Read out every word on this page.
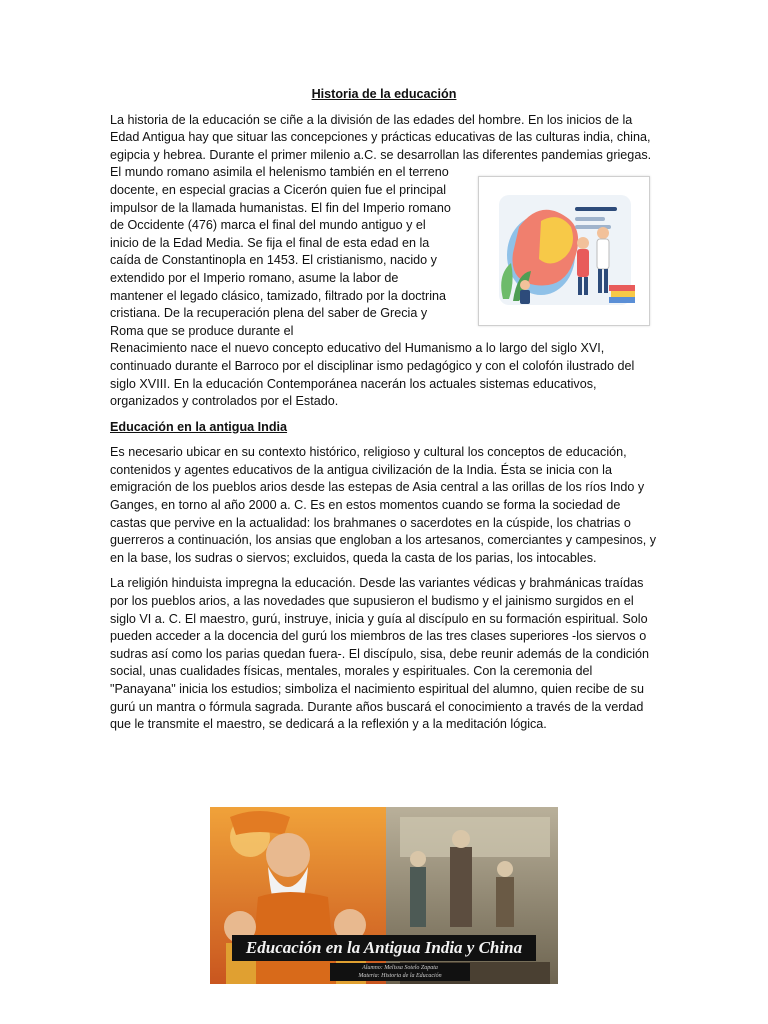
Historia de la educación

La historia de la educación se ciñe a la división de las edades del hombre. En los inicios de la Edad Antigua hay que situar las concepciones y prácticas educativas de las culturas india, china, egipcia y hebrea. Durante el primer milenio a.C. se desarrollan las diferentes pandemias griegas.

El mundo romano asimila el helenismo también en el terreno docente, en especial gracias a Cicerón quien fue el principal impulsor de la llamada humanistas. El fin del Imperio romano de Occidente (476) marca el final del mundo antiguo y el inicio de la Edad Media. Se fija el final de esta edad en la caída de Constantinopla en 1453. El cristianismo, nacido y extendido por el Imperio romano, asume la labor de mantener el legado clásico, tamizado, filtrado por la doctrina cristiana. De la recuperación plena del saber de Grecia y Roma que se produce durante el

Renacimiento nace el nuevo concepto educativo del Humanismo a lo largo del siglo XVI, continuado durante el Barroco por el disciplinar ismo pedagógico y con el colofón ilustrado del siglo XVIII. En la educación Contemporánea nacerán los actuales sistemas educativos, organizados y controlados por el Estado.

Educación en la antigua India

Es necesario ubicar en su contexto histórico, religioso y cultural los conceptos de educación, contenidos y agentes educativos de la antigua civilización de la India. Ésta se inicia con la emigración de los pueblos arios desde las estepas de Asia central a las orillas de los ríos Indo y Ganges, en torno al año 2000 a. C. Es en estos momentos cuando se forma la sociedad de castas que pervive en la actualidad: los brahmanes o sacerdotes en la cúspide, los chatrias o guerreros a continuación, los ansias que engloban a los artesanos, comerciantes y campesinos, y en la base, los sudras o siervos; excluidos, queda la casta de los parias, los intocables.

La religión hinduista impregna la educación. Desde las variantes védicas y brahmánicas traídas por los pueblos arios, a las novedades que supusieron el budismo y el jainismo surgidos en el siglo VI a. C. El maestro, gurú, instruye, inicia y guía al discípulo en su formación espiritual. Solo pueden acceder a la docencia del gurú los miembros de las tres clases superiores -los siervos o sudras así como los parias quedan fuera-. El discípulo, sisa, debe reunir además de la condición social, unas cualidades físicas, mentales, morales y espirituales. Con la ceremonia del "Panayana" inicia los estudios; simboliza el nacimiento espiritual del alumno, quien recibe de su gurú un mantra o fórmula sagrada. Durante años buscará el conocimiento a través de la verdad que le transmite el maestro, se dedicará a la reflexión y a la meditación lógica.

Educación en la Antigua India y China
Alumno: Melissa Sotelo Zapata
Materia: Historia de la Educación
